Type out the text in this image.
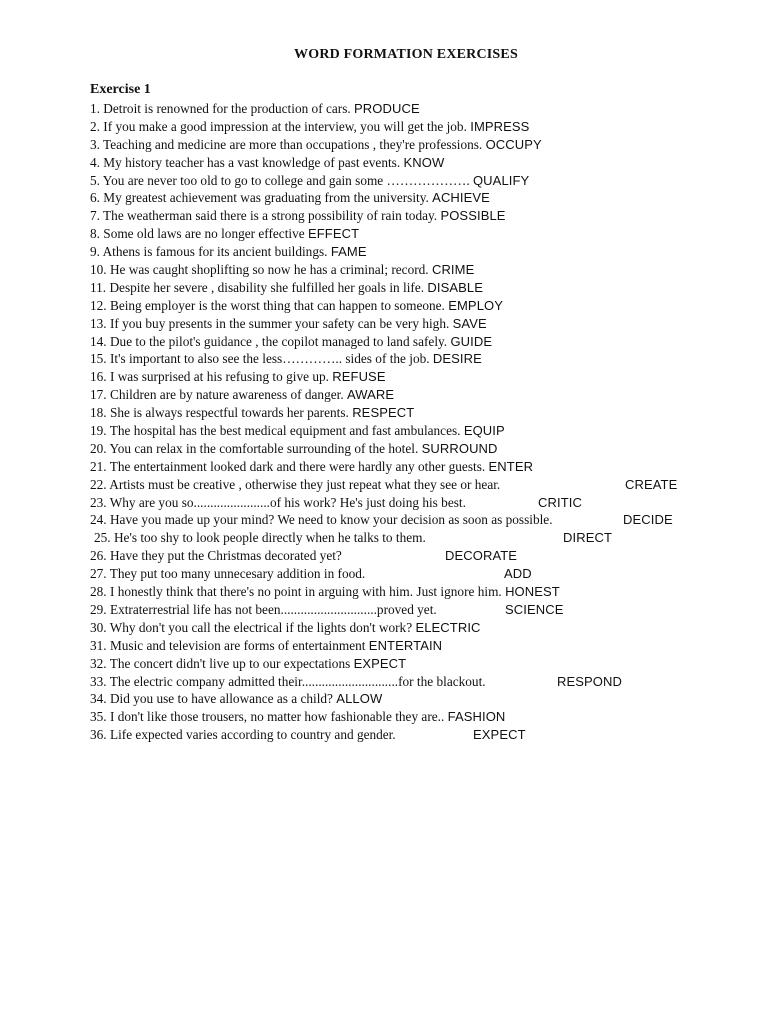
WORD FORMATION EXERCISES
Exercise 1
1. Detroit is renowned for the production of cars. PRODUCE
2. If you make a good impression at the interview, you will get the job. IMPRESS
3. Teaching and medicine are more than occupations , they're professions. OCCUPY
4. My history teacher has a vast knowledge of past events. KNOW
5. You are never too old to go to college and gain some ………………. QUALIFY
6. My greatest achievement was graduating from the university. ACHIEVE
7. The weatherman said there is a strong possibility of rain today. POSSIBLE
8. Some old laws are no longer effective EFFECT
9. Athens is famous for its ancient buildings. FAME
10. He was caught shoplifting so now he has a criminal; record. CRIME
11. Despite her severe , disability she fulfilled her goals in life. DISABLE
12. Being employer is the worst thing that can happen to someone. EMPLOY
13. If you buy presents in the summer your safety can be very high. SAVE
14. Due to the pilot's guidance , the copilot managed to land safely. GUIDE
15. It's important to also see the less………….. sides of the job. DESIRE
16. I was surprised at his refusing to give up. REFUSE
17. Children are by nature awareness of danger. AWARE
18. She is always respectful towards her parents. RESPECT
19. The hospital has the best medical equipment and fast ambulances. EQUIP
20. You can relax in the comfortable surrounding of the hotel. SURROUND
21. The entertainment looked dark and there were hardly any other guests. ENTER
22. Artists must be creative , otherwise they just repeat what they see or hear.	CREATE
23. Why are you so.......................of his work? He's just doing his best.	CRITIC
24. Have you made up your mind? We need to know your decision as soon as possible.	DECIDE
25. He's too shy to look people directly when he talks to them.	DIRECT
26. Have they put the Christmas decorated yet?	DECORATE
27. They put too many unnecesary addition in food.	ADD
28. I honestly think that there's no point in arguing with him. Just ignore him. HONEST
29. Extraterrestrial life has not been.............................proved yet.	SCIENCE
30. Why don't you call the electrical if the lights don't work? ELECTRIC
31. Music and television are forms of entertainment ENTERTAIN
32. The concert didn't live up to our expectations EXPECT
33. The electric company admitted their.............................for the blackout.	RESPOND
34. Did you use to have allowance as a child? ALLOW
35. I don't like those trousers, no matter how fashionable they are.. FASHION
36. Life expected varies according to country and gender.	EXPECT
